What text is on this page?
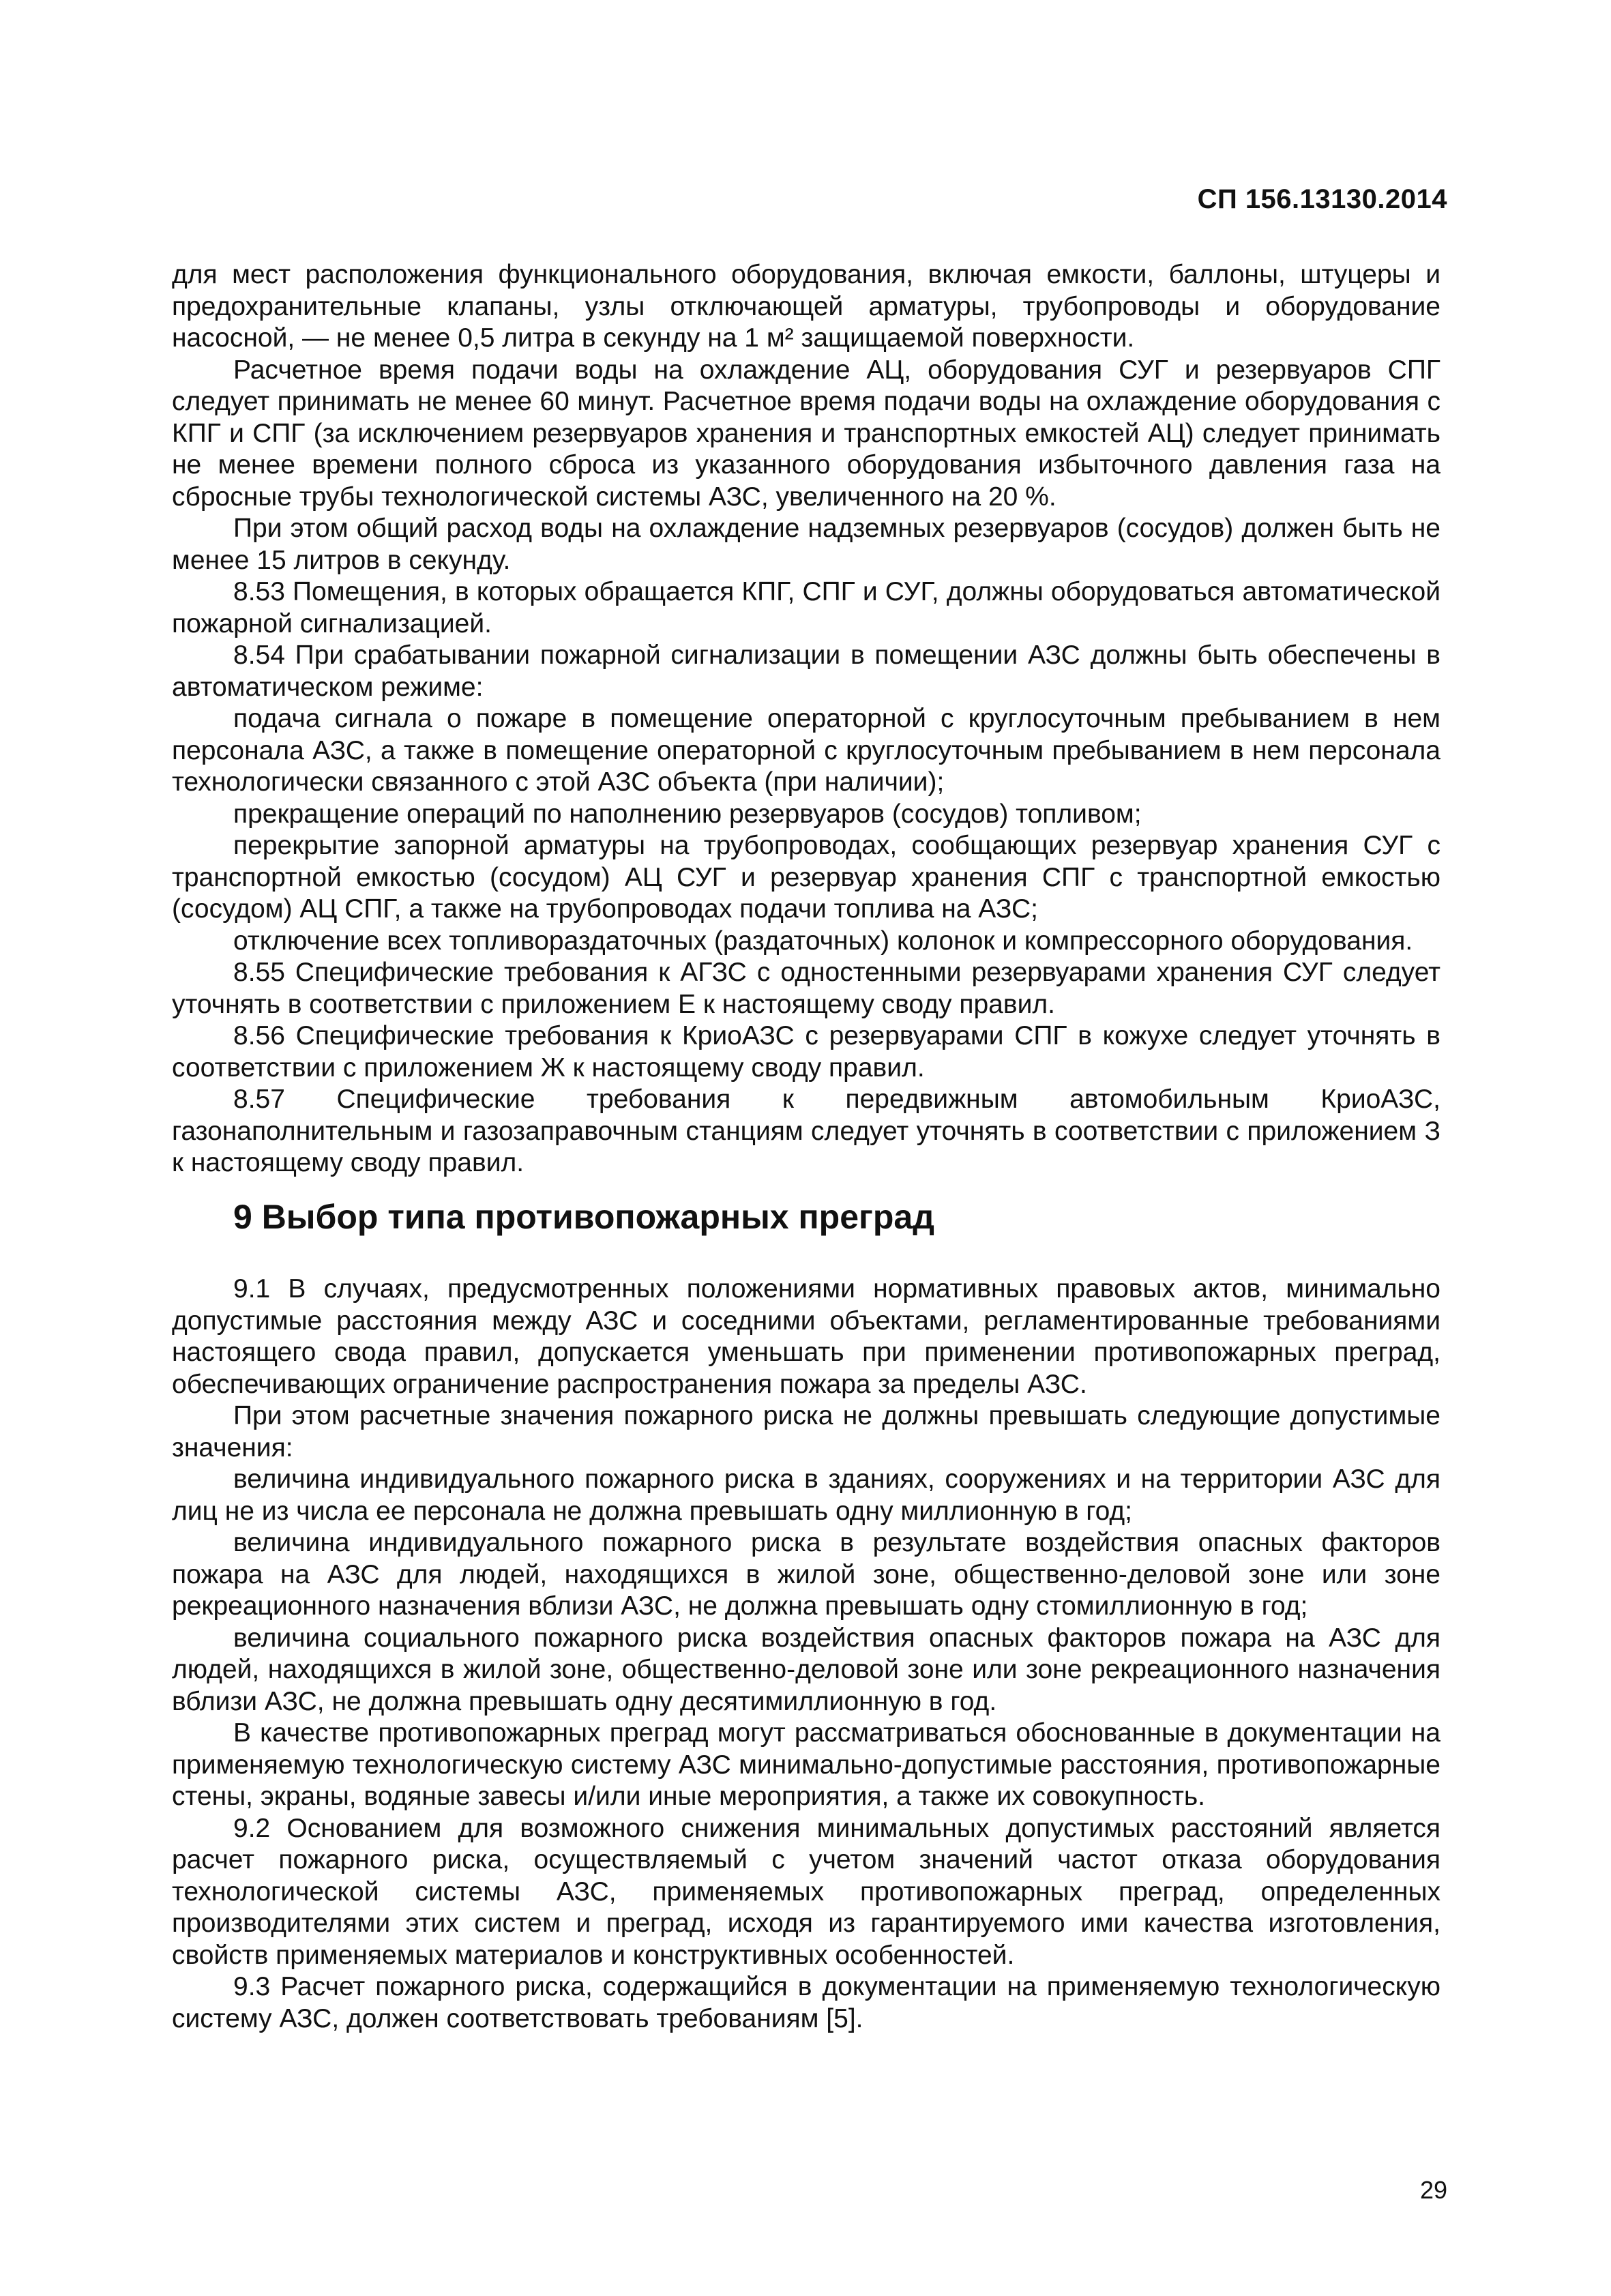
СП 156.13130.2014

для мест расположения функционального оборудования, включая емкости, баллоны, штуцеры и предохранительные клапаны, узлы отключающей арматуры, трубопроводы и оборудование насосной, — не менее 0,5 литра в секунду на 1 м² защищаемой поверхности.

Расчетное время подачи воды на охлаждение АЦ, оборудования СУГ и резервуаров СПГ следует принимать не менее 60 минут. Расчетное время подачи воды на охлаждение оборудования с КПГ и СПГ (за исключением резервуаров хранения и транспортных емкостей АЦ) следует принимать не менее времени полного сброса из указанного оборудования избыточного давления газа на сбросные трубы технологической системы АЗС, увеличенного на 20 %.

При этом общий расход воды на охлаждение надземных резервуаров (сосудов) должен быть не менее 15 литров в секунду.

8.53 Помещения, в которых обращается КПГ, СПГ и СУГ, должны оборудоваться автоматической пожарной сигнализацией.

8.54 При срабатывании пожарной сигнализации в помещении АЗС должны быть обеспечены в автоматическом режиме:

подача сигнала о пожаре в помещение операторной с круглосуточным пребыванием в нем персонала АЗС, а также в помещение операторной с круглосуточным пребыванием в нем персонала технологически связанного с этой АЗС объекта (при наличии);

прекращение операций по наполнению резервуаров (сосудов) топливом;

перекрытие запорной арматуры на трубопроводах, сообщающих резервуар хранения СУГ с транспортной емкостью (сосудом) АЦ СУГ и резервуар хранения СПГ с транспортной емкостью (сосудом) АЦ СПГ, а также на трубопроводах подачи топлива на АЗС;

отключение всех топливораздаточных (раздаточных) колонок и компрессорного оборудования.

8.55 Специфические требования к АГЗС с одностенными резервуарами хранения СУГ следует уточнять в соответствии с приложением Е к настоящему своду правил.

8.56 Специфические требования к КриоАЗС с резервуарами СПГ в кожухе следует уточнять в соответствии с приложением Ж к настоящему своду правил.

8.57 Специфические требования к передвижным автомобильным КриоАЗС, газонаполнительным и газозаправочным станциям следует уточнять в соответствии с приложением З к настоящему своду правил.

9 Выбор типа противопожарных преград

9.1 В случаях, предусмотренных положениями нормативных правовых актов, минимально допустимые расстояния между АЗС и соседними объектами, регламентированные требованиями настоящего свода правил, допускается уменьшать при применении противопожарных преград, обеспечивающих ограничение распространения пожара за пределы АЗС.

При этом расчетные значения пожарного риска не должны превышать следующие допустимые значения:

величина индивидуального пожарного риска в зданиях, сооружениях и на территории АЗС для лиц не из числа ее персонала не должна превышать одну миллионную в год;

величина индивидуального пожарного риска в результате воздействия опасных факторов пожара на АЗС для людей, находящихся в жилой зоне, общественно-деловой зоне или зоне рекреационного назначения вблизи АЗС, не должна превышать одну стомиллионную в год;

величина социального пожарного риска воздействия опасных факторов пожара на АЗС для людей, находящихся в жилой зоне, общественно-деловой зоне или зоне рекреационного назначения вблизи АЗС, не должна превышать одну десятимиллионную в год.

В качестве противопожарных преград могут рассматриваться обоснованные в документации на применяемую технологическую систему АЗС минимально-допустимые расстояния, противопожарные стены, экраны, водяные завесы и/или иные мероприятия, а также их совокупность.

9.2 Основанием для возможного снижения минимальных допустимых расстояний является расчет пожарного риска, осуществляемый с учетом значений частот отказа оборудования технологической системы АЗС, применяемых противопожарных преград, определенных производителями этих систем и преград, исходя из гарантируемого ими качества изготовления, свойств применяемых материалов и конструктивных особенностей.

9.3 Расчет пожарного риска, содержащийся в документации на применяемую технологическую систему АЗС, должен соответствовать требованиям [5].

29
